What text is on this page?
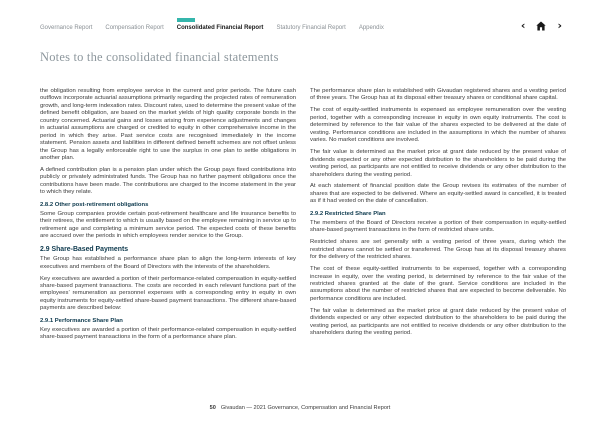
Governance Report Compensation Report Consolidated Financial Report Statutory Financial Report Appendix	‹	›
Notes to the consolidated financial statements

the obligation resulting from employee service in the current and prior periods. The future cash outflows incorporate actuarial assumptions primarily regarding the projected rates of remuneration growth, and long-term indexation rates. Discount rates, used to determine the present value of the defined benefit obligation, are based on the market yields of high quality corporate bonds in the country concerned. Actuarial gains and losses arising from experience adjustments and changes in actuarial assumptions are charged or credited to equity in other comprehensive income in the period in which they arise. Past service costs are recognised immediately in the income statement. Pension assets and liabilities in different defined benefit schemes are not offset unless the Group has a legally enforceable right to use the surplus in one plan to settle obligations in another plan.

A defined contribution plan is a pension plan under which the Group pays fixed contributions into publicly or privately administrated funds. The Group has no further payment obligations once the contributions have been made. The contributions are charged to the income statement in the year to which they relate.

2.8.2 Other post-retirement obligations

Some Group companies provide certain post-retirement healthcare and life insurance benefits to their retirees, the entitlement to which is usually based on the employee remaining in service up to retirement age and completing a minimum service period. The expected costs of these benefits are accrued over the periods in which employees render service to the Group.

2.9 Share-Based Payments

The Group has established a performance share plan to align the long-term interests of key executives and members of the Board of Directors with the interests of the shareholders.

Key executives are awarded a portion of their performance-related compensation in equity-settled share-based payment transactions. The costs are recorded in each relevant functions part of the employees’ remuneration as personnel expenses with a corresponding entry in equity in own equity instruments for equity-settled share-based payment transactions. The different share-based payments are described below:

2.9.1 Performance Share Plan

Key executives are awarded a portion of their performance-related compensation in equity-settled share-based payment transactions in the form of a performance share plan.

The performance share plan is established with Givaudan registered shares and a vesting period of three years. The Group has at its disposal either treasury shares or conditional share capital.

The cost of equity-settled instruments is expensed as employee remuneration over the vesting period, together with a corresponding increase in equity in own equity instruments. The cost is determined by reference to the fair value of the shares expected to be delivered at the date of vesting. Performance conditions are included in the assumptions in which the number of shares varies. No market conditions are involved.

The fair value is determined as the market price at grant date reduced by the present value of dividends expected or any other expected distribution to the shareholders to be paid during the vesting period, as participants are not entitled to receive dividends or any other distribution to the shareholders during the vesting period.

At each statement of financial position date the Group revises its estimates of the number of shares that are expected to be delivered. Where an equity-settled award is cancelled, it is treated as if it had vested on the date of cancellation.

2.9.2 Restricted Share Plan

The members of the Board of Directors receive a portion of their compensation in equity-settled share-based payment transactions in the form of restricted share units.

Restricted shares are set generally with a vesting period of three years, during which the restricted shares cannot be settled or transferred. The Group has at its disposal treasury shares for the delivery of the restricted shares.

The cost of these equity-settled instruments to be expensed, together with a corresponding increase in equity, over the vesting period, is determined by reference to the fair value of the restricted shares granted at the date of the grant. Service conditions are included in the assumptions about the number of restricted shares that are expected to become deliverable. No performance conditions are included.

The fair value is determined as the market price at grant date reduced by the present value of dividends expected or any other expected distribution to the shareholders to be paid during the vesting period, as participants are not entitled to receive dividends or any other distribution to the shareholders during the vesting period.

50 Givaudan — 2021 Governance, Compensation and Financial Report
